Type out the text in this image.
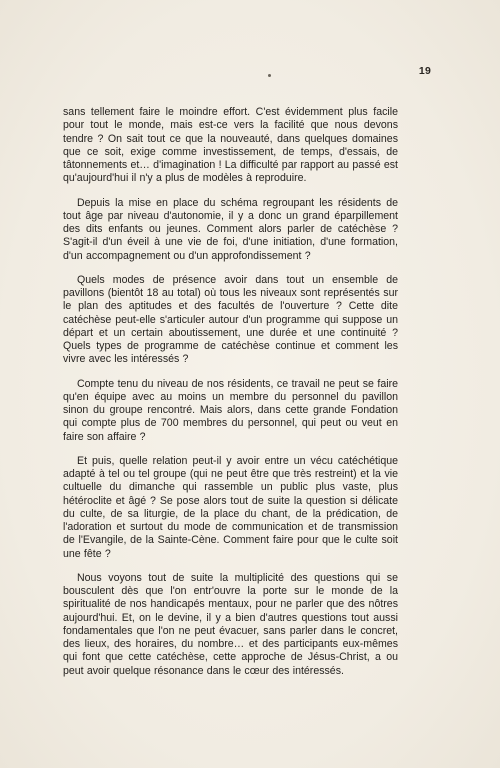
19

sans tellement faire le moindre effort. C'est évidemment plus facile pour tout le monde, mais est-ce vers la facilité que nous devons tendre ? On sait tout ce que la nouveauté, dans quelques domaines que ce soit, exige comme investissement, de temps, d'essais, de tâtonnements et… d'imagination ! La difficulté par rapport au passé est qu'aujourd'hui il n'y a plus de modèles à reproduire.

Depuis la mise en place du schéma regroupant les résidents de tout âge par niveau d'autonomie, il y a donc un grand éparpillement des dits enfants ou jeunes. Comment alors parler de catéchèse ? S'agit-il d'un éveil à une vie de foi, d'une initiation, d'une formation, d'un accompagnement ou d'un approfondissement ?

Quels modes de présence avoir dans tout un ensemble de pavillons (bientôt 18 au total) où tous les niveaux sont représentés sur le plan des aptitudes et des facultés de l'ouverture ? Cette dite catéchèse peut-elle s'articuler autour d'un programme qui suppose un départ et un certain aboutissement, une durée et une continuité ? Quels types de programme de catéchèse continue et comment les vivre avec les intéressés ?

Compte tenu du niveau de nos résidents, ce travail ne peut se faire qu'en équipe avec au moins un membre du personnel du pavillon sinon du groupe rencontré. Mais alors, dans cette grande Fondation qui compte plus de 700 membres du personnel, qui peut ou veut en faire son affaire ?

Et puis, quelle relation peut-il y avoir entre un vécu catéchétique adapté à tel ou tel groupe (qui ne peut être que très restreint) et la vie cultuelle du dimanche qui rassemble un public plus vaste, plus hétéroclite et âgé ? Se pose alors tout de suite la question si délicate du culte, de sa liturgie, de la place du chant, de la prédication, de l'adoration et surtout du mode de communication et de transmission de l'Evangile, de la Sainte-Cène. Comment faire pour que le culte soit une fête ?

Nous voyons tout de suite la multiplicité des questions qui se bousculent dès que l'on entr'ouvre la porte sur le monde de la spiritualité de nos handicapés mentaux, pour ne parler que des nôtres aujourd'hui. Et, on le devine, il y a bien d'autres questions tout aussi fondamentales que l'on ne peut évacuer, sans parler dans le concret, des lieux, des horaires, du nombre… et des participants eux-mêmes qui font que cette catéchèse, cette approche de Jésus-Christ, a ou peut avoir quelque résonance dans le cœur des intéressés.
